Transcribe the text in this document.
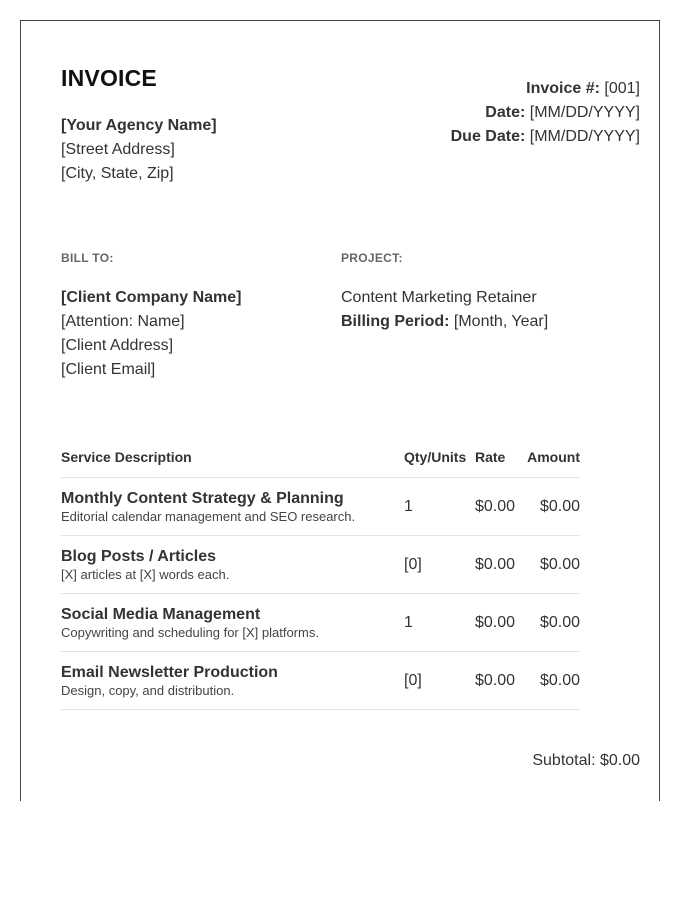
INVOICE
[Your Agency Name]
[Street Address]
[City, State, Zip]
Invoice #: [001]
Date: [MM/DD/YYYY]
Due Date: [MM/DD/YYYY]
BILL TO:
[Client Company Name]
[Attention: Name]
[Client Address]
[Client Email]
PROJECT:
Content Marketing Retainer
Billing Period: [Month, Year]
Service Description	Qty/Units Rate Amount
Monthly Content Strategy & Planning
Editorial calendar management and SEO research.
1	$0.00 $0.00
Blog Posts / Articles
[X] articles at [X] words each.
[0]	$0.00 $0.00
Social Media Management
Copywriting and scheduling for [X] platforms.
1	$0.00 $0.00
Email Newsletter Production
Design, copy, and distribution.
[0]	$0.00 $0.00
Subtotal: $0.00
